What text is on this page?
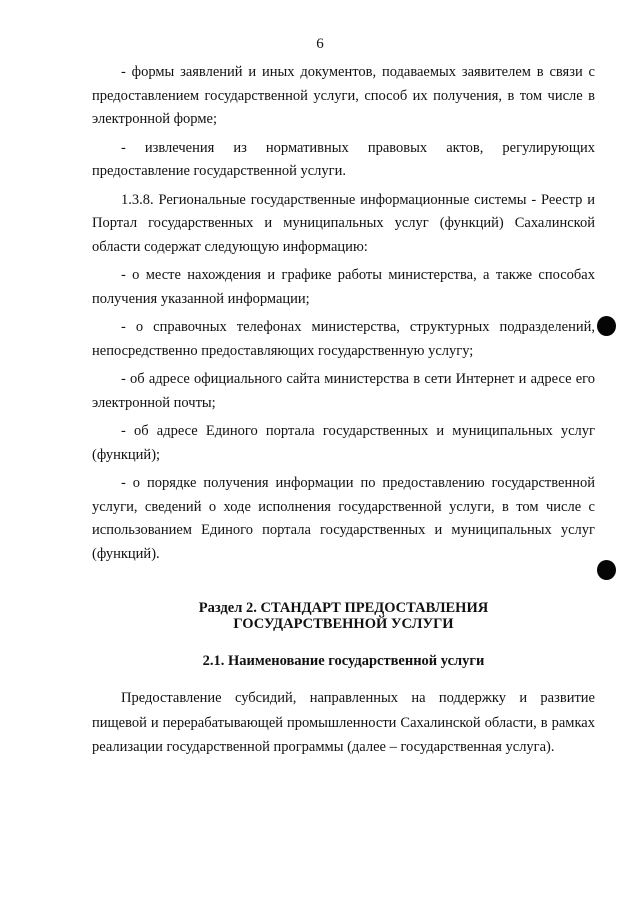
6

- формы заявлений и иных документов, подаваемых заявителем в связи с предоставлением государственной услуги, способ их получения, в том числе в электронной форме;

- извлечения из нормативных правовых актов, регулирующих предоставление государственной услуги.

1.3.8. Региональные государственные информационные системы - Реестр и Портал государственных и муниципальных услуг (функций) Сахалинской области содержат следующую информацию:

- о месте нахождения и графике работы министерства, а также способах получения указанной информации;

- о справочных телефонах министерства, структурных подразделений, непосредственно предоставляющих государственную услугу;

- об адресе официального сайта министерства в сети Интернет и адресе его электронной почты;

- об адресе Единого портала государственных и муниципальных услуг (функций);

- о порядке получения информации по предоставлению государственной услуги, сведений о ходе исполнения государственной услуги, в том числе с использованием Единого портала государственных и муниципальных услуг (функций).

Раздел 2. СТАНДАРТ ПРЕДОСТАВЛЕНИЯ
ГОСУДАРСТВЕННОЙ УСЛУГИ
2.1. Наименование государственной услуги

Предоставление субсидий, направленных на поддержку и развитие пищевой и перерабатывающей промышленности Сахалинской области, в рамках реализации государственной программы (далее – государственная услуга).
